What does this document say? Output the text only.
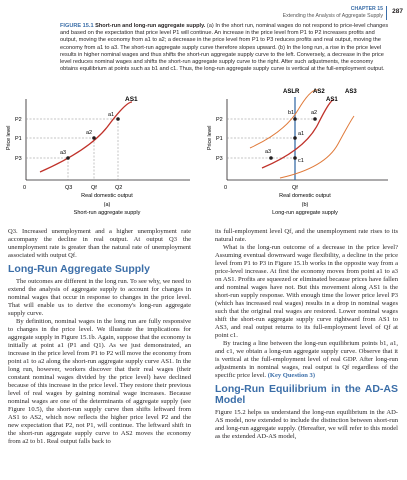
CHAPTER 15
Extending the Analysis of Aggregate Supply
287
FIGURE 15.1 Short-run and long-run aggregate supply. (a) In the short run, nominal wages do not respond to price-level changes and based on the expectation that price level P1 will continue. An increase in the price level from P1 to P2 increases profits and output, moving the economy from a1 to a2; a decrease in the price level from P1 to P3 reduces profits and real output, moving the economy from a1 to a3. The short-run aggregate supply curve therefore slopes upward. (b) In the long run, a rise in the price level results in higher nominal wages and thus shifts the short-run aggregate supply curve to the left. Conversely, a decrease in the price level reduces nominal wages and shifts the short-run aggregate supply curve to the right. After such adjustments, the economy obtains equilibrium at points such as b1 and c1. Thus, the long-run aggregate supply curve is vertical at the full-employment output.
AS1
a1
a2
a3
P2
P1
P3
Price level
0	Q3	Qf	Q2
Real domestic output
(a)
Short-run aggregate supply
ASLR AS2
AS1
AS3
b1	a2
a1
a3
c1
P2
P1
P3
Price level
0	Qf
Real domestic output
(b)
Long-run aggregate supply

Q3. Increased unemployment and a higher unemployment rate accompany the decline in real output. At output Q3 the unemployment rate is greater than the natural rate of unemployment associated with output Qf.

Long-Run Aggregate Supply

The outcomes are different in the long run. To see why, we need to extend the analysis of aggregate supply to account for changes in nominal wages that occur in response to changes in the price level. That will enable us to derive the economy's long-run aggregate supply curve.

By definition, nominal wages in the long run are fully responsive to changes in the price level. We illustrate the implications for aggregate supply in Figure 15.1b. Again, suppose that the economy is initially at point a1 (P1 and Q1). As we just demonstrated, an increase in the price level from P1 to P2 will move the economy from point a1 to a2 along the short-run aggregate supply curve AS1. In the long run, however, workers discover that their real wages (their constant nominal wages divided by the price level) have declined because of this increase in the price level. They restore their previous level of real wages by gaining nominal wage increases. Because nominal wages are one of the determinants of aggregate supply (see Figure 10.5), the short-run supply curve then shifts leftward from AS1 to AS2, which now reflects the higher price level P2 and the new expectation that P2, not P1, will continue. The leftward shift in the short-run aggregate supply curve to AS2 moves the economy from a2 to b1. Real output falls back to

its full-employment level Qf, and the unemployment rate rises to its natural rate.

What is the long-run outcome of a decrease in the price level? Assuming eventual downward wage flexibility, a decline in the price level from P1 to P3 in Figure 15.1b works in the opposite way from a price-level increase. At first the economy moves from point a1 to a3 on AS1. Profits are squeezed or eliminated because prices have fallen and nominal wages have not. But this movement along AS1 is the short-run supply response. With enough time the lower price level P3 (which has increased real wages) results in a drop in nominal wages such that the original real wages are restored. Lower nominal wages shift the short-run aggregate supply curve rightward from AS1 to AS3, and real output returns to its full-employment level of Qf at point c1.

By tracing a line between the long-run equilibrium points b1, a1, and c1, we obtain a long-run aggregate supply curve. Observe that it is vertical at the full-employment level of real GDP. After long-run adjustments in nominal wages, real output is Qf regardless of the specific price level. (Key Question 3)

Long-Run Equilibrium in the AD-AS Model

Figure 15.2 helps us understand the long-run equilibrium in the AD-AS model, now extended to include the distinction between short-run and long-run aggregate supply. (Hereafter, we will refer to this model as the extended AD-AS model,
